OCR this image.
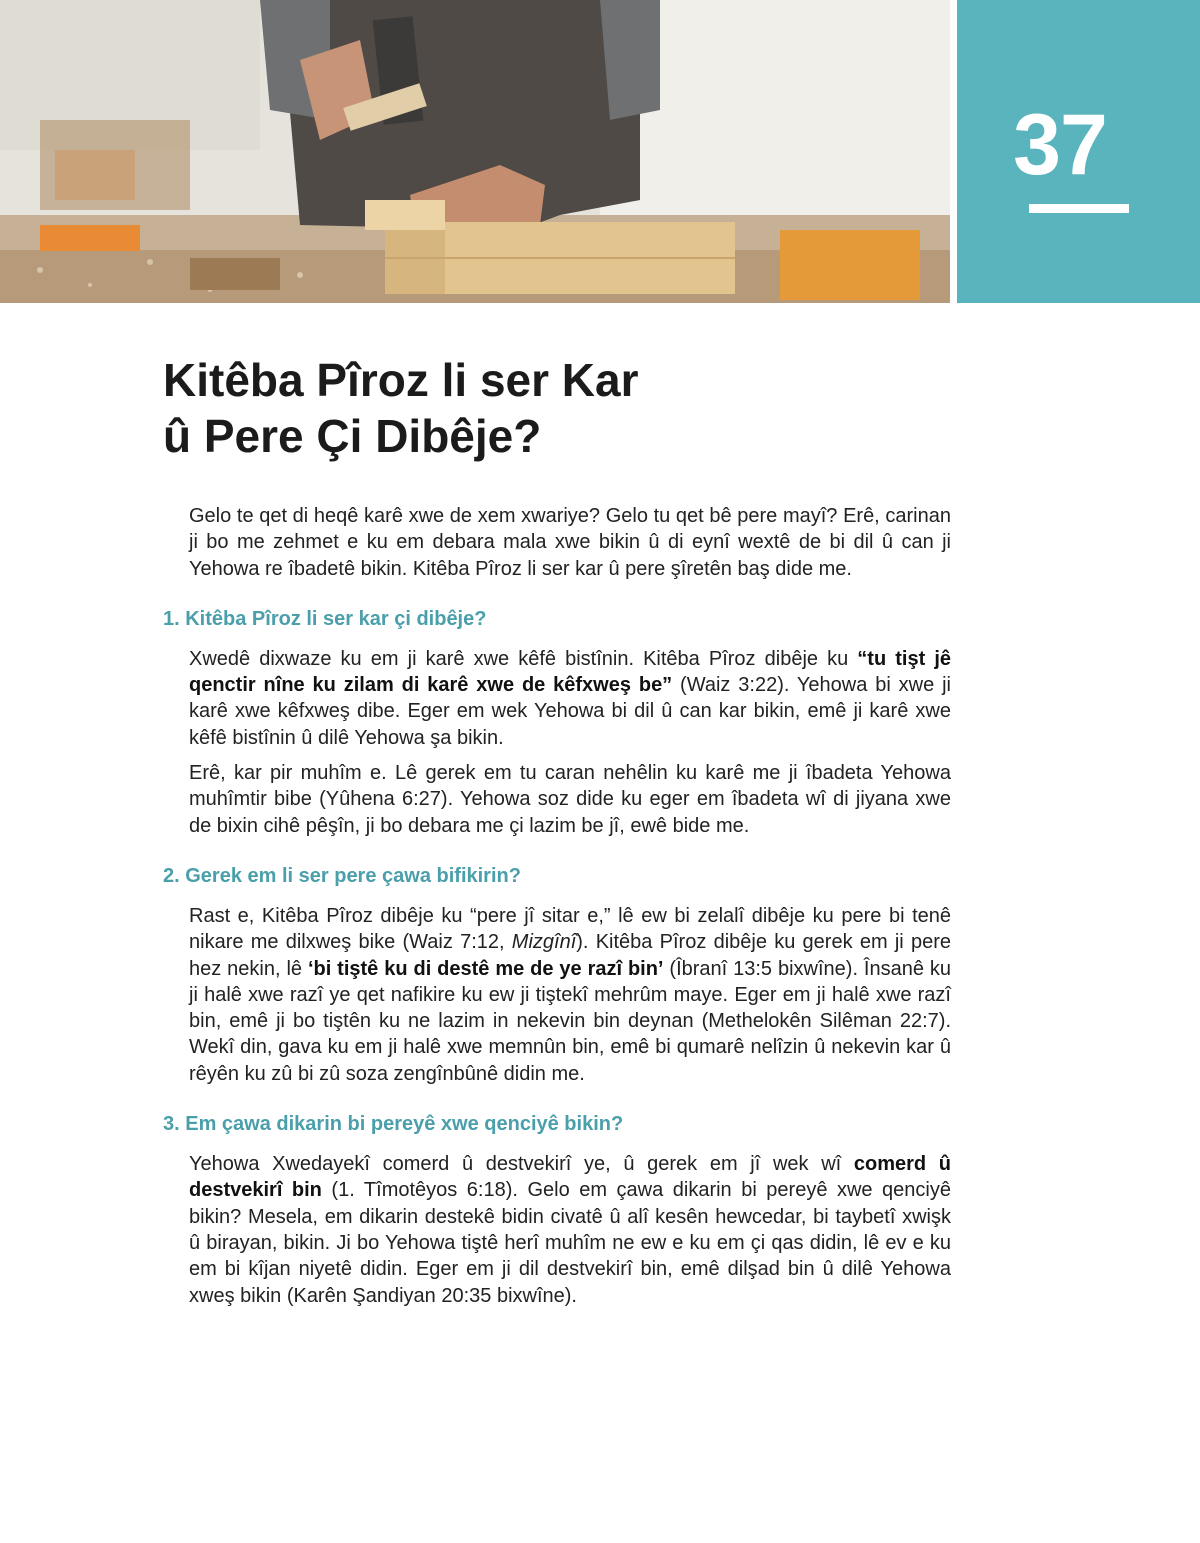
37
Kitêba Pîroz li ser Kar
û Pere Çi Dibêje?

Gelo te qet di heqê karê xwe de xem xwariye? Gelo tu qet bê pere mayî? Erê, carinan ji bo me zehmet e ku em debara mala xwe bikin û di eynî wextê de bi dil û can ji Yehowa re îbadetê bikin. Kitêba Pîroz li ser kar û pere şîretên baş dide me.

1. Kitêba Pîroz li ser kar çi dibêje?

Xwedê dixwaze ku em ji karê xwe kêfê bistînin. Kitêba Pîroz dibêje ku “tu tişt jê qenctir nîne ku zilam di karê xwe de kêfxweş be” (Waiz 3:22). Yehowa bi xwe ji karê xwe kêfxweş dibe. Eger em wek Yehowa bi dil û can kar bikin, emê ji karê xwe kêfê bistînin û dilê Yehowa şa bikin.

Erê, kar pir muhîm e. Lê gerek em tu caran nehêlin ku karê me ji îbadeta Yehowa muhîmtir bibe (Yûhena 6:27). Yehowa soz dide ku eger em îbadeta wî di jiyana xwe de bixin cihê pêşîn, ji bo debara me çi lazim be jî, ewê bide me.

2. Gerek em li ser pere çawa bifikirin?

Rast e, Kitêba Pîroz dibêje ku “pere jî sitar e,” lê ew bi zelalî dibêje ku pere bi tenê nikare me dilxweş bike (Waiz 7:12, Mizgînî). Kitêba Pîroz dibêje ku gerek em ji pere hez nekin, lê ‘bi tiştê ku di destê me de ye razî bin’ (Îbranî 13:5 bixwîne). Însanê ku ji halê xwe razî ye qet nafikire ku ew ji tiştekî mehrûm maye. Eger em ji halê xwe razî bin, emê ji bo tiştên ku ne lazim in nekevin bin deynan (Methelokên Silêman 22:7). Wekî din, gava ku em ji halê xwe memnûn bin, emê bi qumarê nelîzin û nekevin kar û rêyên ku zû bi zû soza zengînbûnê didin me.

3. Em çawa dikarin bi pereyê xwe qenciyê bikin?

Yehowa Xwedayekî comerd û destvekirî ye, û gerek em jî wek wî comerd û destvekirî bin (1. Tîmotêyos 6:18). Gelo em çawa dikarin bi pereyê xwe qenciyê bikin? Mesela, em dikarin destekê bidin civatê û alî kesên hewcedar, bi taybetî xwişk û birayan, bikin. Ji bo Yehowa tiştê herî muhîm ne ew e ku em çi qas didin, lê ev e ku em bi kîjan niyetê didin. Eger em ji dil destvekirî bin, emê dilşad bin û dilê Yehowa xweş bikin (Karên Şandiyan 20:35 bixwîne).
